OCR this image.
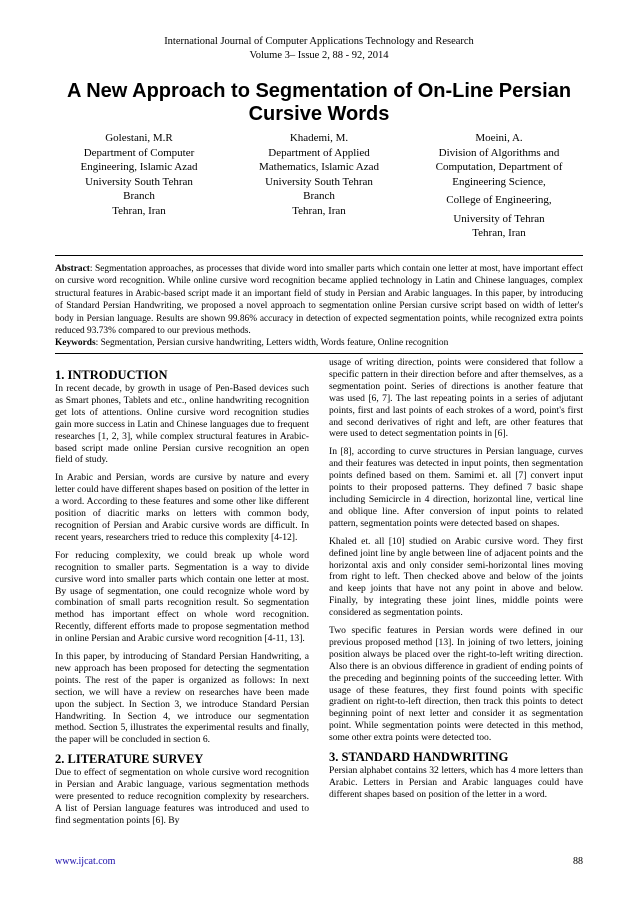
International Journal of Computer Applications Technology and Research
Volume 3– Issue 2, 88 - 92, 2014
A New Approach to Segmentation of On-Line Persian
Cursive Words
Golestani, M.R
Department of Computer
Engineering, Islamic Azad
University South Tehran
Branch
Tehran, Iran
Khademi, M.
Department of Applied
Mathematics, Islamic Azad
University South Tehran
Branch
Tehran, Iran
Moeini, A.
Division of Algorithms and
Computation, Department of
Engineering Science,
College of Engineering,
University of Tehran
Tehran, Iran
Abstract: Segmentation approaches, as processes that divide word into smaller parts which contain one letter at most, have important effect on cursive word recognition. While online cursive word recognition became applied technology in Latin and Chinese languages, complex structural features in Arabic-based script made it an important field of study in Persian and Arabic languages. In this paper, by introducing of Standard Persian Handwriting, we proposed a novel approach to segmentation online Persian cursive script based on width of letter's body in Persian language. Results are shown 99.86% accuracy in detection of expected segmentation points, while recognized extra points reduced 93.73% compared to our previous methods.
Keywords: Segmentation, Persian cursive handwriting, Letters width, Words feature, Online recognition
1. INTRODUCTION

In recent decade, by growth in usage of Pen-Based devices such as Smart phones, Tablets and etc., online handwriting recognition get lots of attentions. Online cursive word recognition studies gain more success in Latin and Chinese languages due to frequent researches [1, 2, 3], while complex structural features in Arabic-based script made online Persian cursive recognition an open field of study.

In Arabic and Persian, words are cursive by nature and every letter could have different shapes based on position of the letter in a word. According to these features and some other like different position of diacritic marks on letters with common body, recognition of Persian and Arabic cursive words are difficult. In recent years, researchers tried to reduce this complexity [4-12].

For reducing complexity, we could break up whole word recognition to smaller parts. Segmentation is a way to divide cursive word into smaller parts which contain one letter at most. By usage of segmentation, one could recognize whole word by combination of small parts recognition result. So segmentation method has important effect on whole word recognition. Recently, different efforts made to propose segmentation method in online Persian and Arabic cursive word recognition [4-11, 13].

In this paper, by introducing of Standard Persian Handwriting, a new approach has been proposed for detecting the segmentation points. The rest of the paper is organized as follows: In next section, we will have a review on researches have been made upon the subject. In Section 3, we introduce Standard Persian Handwriting. In Section 4, we introduce our segmentation method. Section 5, illustrates the experimental results and finally, the paper will be concluded in section 6.

2. LITERATURE SURVEY

Due to effect of segmentation on whole cursive word recognition in Persian and Arabic language, various segmentation methods were presented to reduce recognition complexity by researchers. A list of Persian language features was introduced and used to find segmentation points [6]. By

usage of writing direction, points were considered that follow a specific pattern in their direction before and after themselves, as a segmentation point. Series of directions is another feature that was used [6, 7]. The last repeating points in a series of adjutant points, first and last points of each strokes of a word, point's first and second derivatives of right and left, are other features that were used to detect segmentation points in [6].

In [8], according to curve structures in Persian language, curves and their features was detected in input points, then segmentation points defined based on them. Samimi et. all [7] convert input points to their proposed patterns. They defined 7 basic shape including Semicircle in 4 direction, horizontal line, vertical line and oblique line. After conversion of input points to related pattern, segmentation points were detected based on shapes.

Khaled et. all [10] studied on Arabic cursive word. They first defined joint line by angle between line of adjacent points and the horizontal axis and only consider semi-horizontal lines moving from right to left. Then checked above and below of the joints and keep joints that have not any point in above and below. Finally, by integrating these joint lines, middle points were considered as segmentation points.

Two specific features in Persian words were defined in our previous proposed method [13]. In joining of two letters, joining position always be placed over the right-to-left writing direction. Also there is an obvious difference in gradient of ending points of the preceding and beginning points of the succeeding letter. With usage of these features, they first found points with specific gradient on right-to-left direction, then track this points to detect beginning point of next letter and consider it as segmentation point. While segmentation points were detected in this method, some other extra points were detected too.

3. STANDARD HANDWRITING

Persian alphabet contains 32 letters, which has 4 more letters than Arabic. Letters in Persian and Arabic languages could have different shapes based on position of the letter in a word.

www.ijcat.com	88
